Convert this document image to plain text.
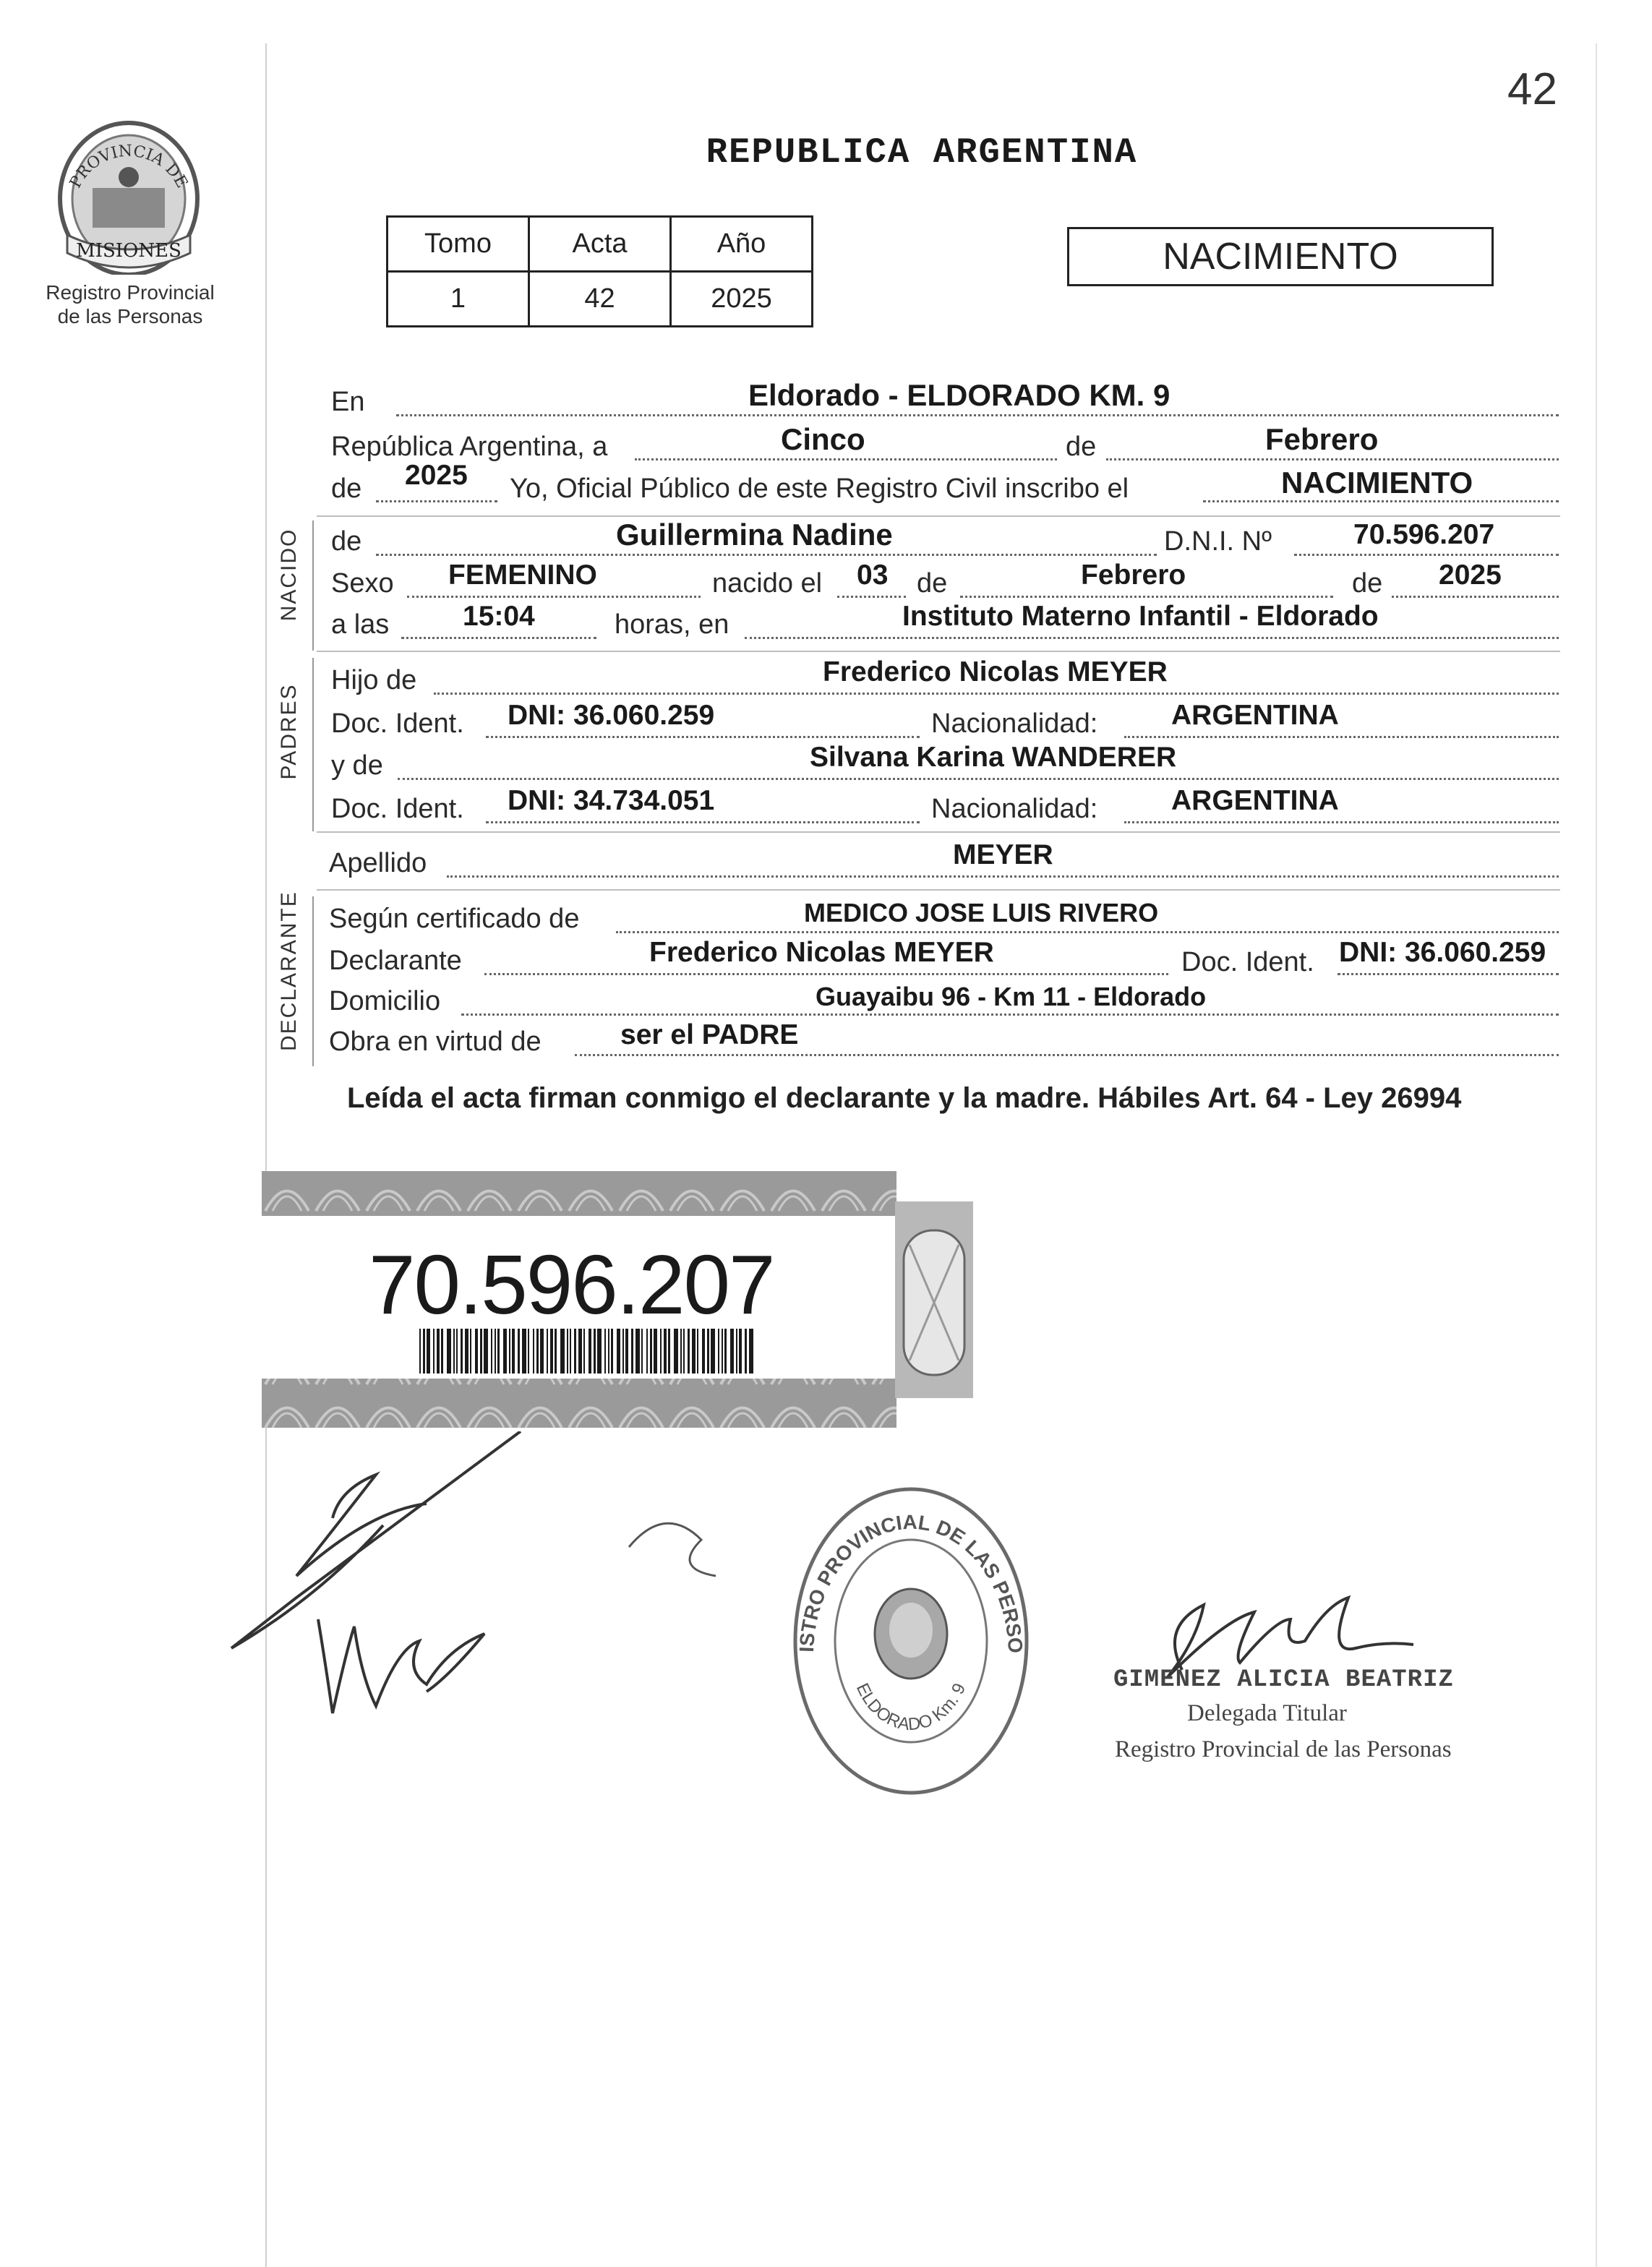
42
PROVINCIA DE
MISIONES
Registro Provincial
de las Personas
REPUBLICA ARGENTINA
Tomo	Acta	Año
1	42	2025
NACIMIENTO
En	Eldorado - ELDORADO KM. 9
República Argentina, a	Cinco	de	Febrero
de 2025 Yo, Oficial Público de este Registro Civil inscribo el	NACIMIENTO
NACIDO de	Guillermina Nadine	D.N.I. Nº	70.596.207
Sexo FEMENINO	nacido el 03 de	Febrero	de 2025
a las	15:04	horas, en	Instituto Materno Infantil - Eldorado
PADRES
Hijo de	Frederico Nicolas MEYER
Doc. Ident. DNI: 36.060.259	Nacionalidad:	ARGENTINA
y de	Silvana Karina WANDERER
Doc. Ident. DNI: 34.734.051	Nacionalidad:	ARGENTINA
Apellido	MEYER
DECLARANTE Según certificado de	MEDICO JOSE LUIS RIVERO
Declarante	Frederico Nicolas MEYER	Doc. Ident. DNI: 36.060.259
Domicilio	Guayaibu 96 - Km 11 - Eldorado
Obra en virtud de	ser el PADRE
Leída el acta firman conmigo el declarante y la madre. Hábiles Art. 64 - Ley 26994
70.596.207
ISTRO PROVINCIAL DE LAS PERSO
ELDORADO Km. 9	GIMENEZ ALICIA BEATRIZ
Delegada Titular
Registro Provincial de las Personas
